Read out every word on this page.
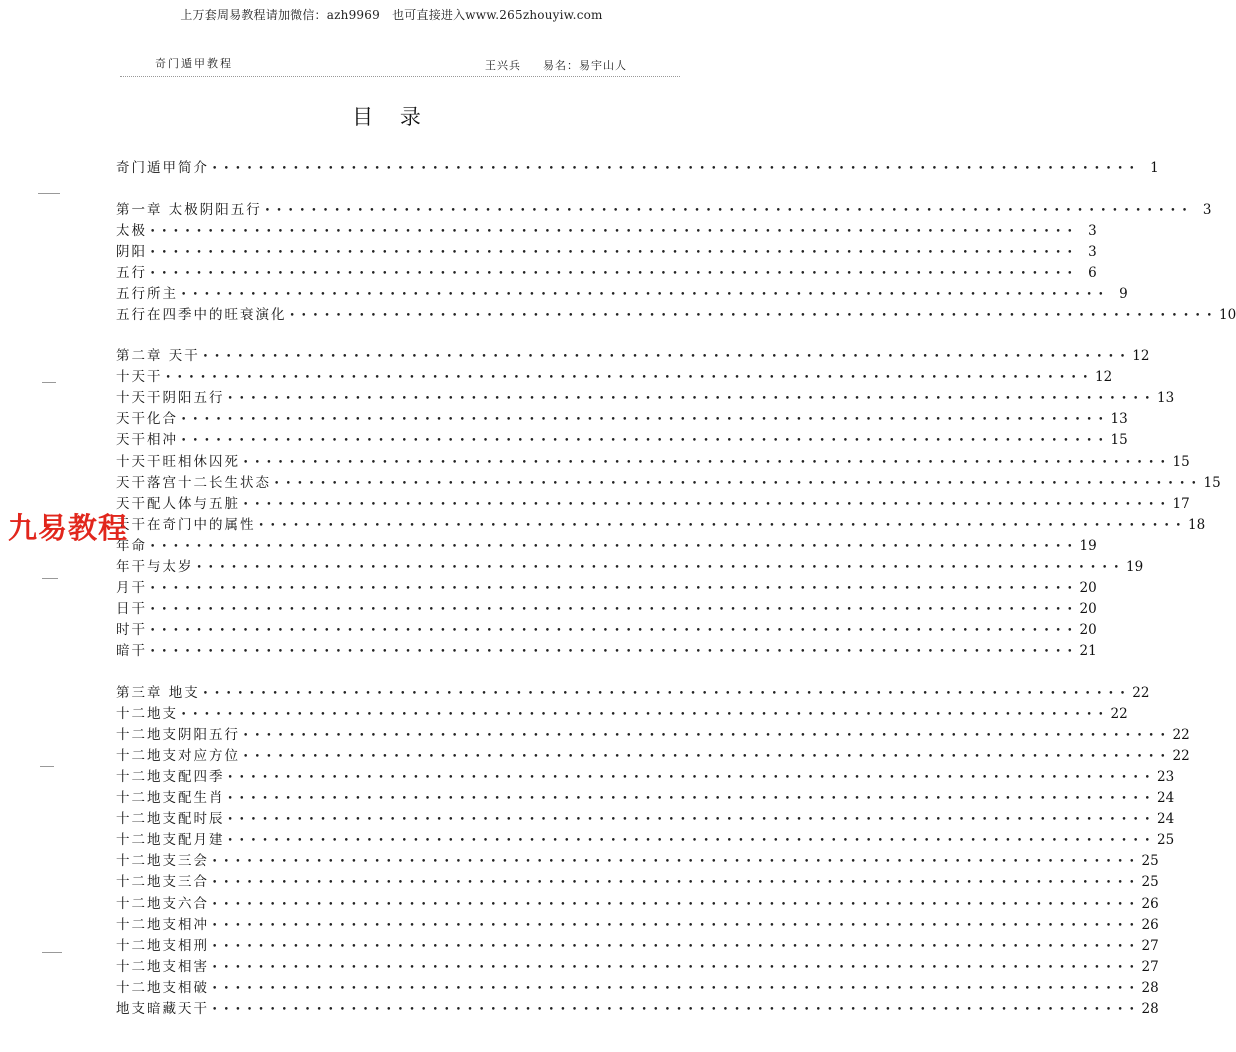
上万套周易教程请加微信：azh9969　也可直接进入www.265zhouyiw.com
奇门遁甲教程	王兴兵 易名：易宇山人
目 录
奇门遁甲简介 •••••••••••••••••••••••••••••••••••••••••••••••••••••••••••••••••••••••••••••••• 1
第一章 太极阴阳五行 •••••••••••••••••••••••••••••••••••••••••••••••••••••••••••••••••••••••••••••••• 3
太极 •••••••••••••••••••••••••••••••••••••••••••••••••••••••••••••••••••••••••••••••• 3
阴阳 •••••••••••••••••••••••••••••••••••••••••••••••••••••••••••••••••••••••••••••••• 3
五行 •••••••••••••••••••••••••••••••••••••••••••••••••••••••••••••••••••••••••••••••• 6
五行所主 •••••••••••••••••••••••••••••••••••••••••••••••••••••••••••••••••••••••••••••••• 9
五行在四季中的旺衰演化 •••••••••••••••••••••••••••••••••••••••••••••••••••••••••••••••••••••••••••••••• 10
第二章 天干 •••••••••••••••••••••••••••••••••••••••••••••••••••••••••••••••••••••••••••••••• 12
十天干 •••••••••••••••••••••••••••••••••••••••••••••••••••••••••••••••••••••••••••••••• 12
十天干阴阳五行 •••••••••••••••••••••••••••••••••••••••••••••••••••••••••••••••••••••••••••••••• 13
天干化合 •••••••••••••••••••••••••••••••••••••••••••••••••••••••••••••••••••••••••••••••• 13
天干相冲 •••••••••••••••••••••••••••••••••••••••••••••••••••••••••••••••••••••••••••••••• 15
十天干旺相休囚死 •••••••••••••••••••••••••••••••••••••••••••••••••••••••••••••••••••••••••••••••• 15
天干落宫十二长生状态 •••••••••••••••••••••••••••••••••••••••••••••••••••••••••••••••••••••••••••••••• 15
天干配人体与五脏 •••••••••••••••••••••••••••••••••••••••••••••••••••••••••••••••••••••••••••••••• 17
天干在奇门中的属性 •••••••••••••••••••••••••••••••••••••••••••••••••••••••••••••••••••••••••••••••• 18
年命 •••••••••••••••••••••••••••••••••••••••••••••••••••••••••••••••••••••••••••••••• 19
年干与太岁 •••••••••••••••••••••••••••••••••••••••••••••••••••••••••••••••••••••••••••••••• 19
月干 •••••••••••••••••••••••••••••••••••••••••••••••••••••••••••••••••••••••••••••••• 20
日干 •••••••••••••••••••••••••••••••••••••••••••••••••••••••••••••••••••••••••••••••• 20
时干 •••••••••••••••••••••••••••••••••••••••••••••••••••••••••••••••••••••••••••••••• 20
暗干 •••••••••••••••••••••••••••••••••••••••••••••••••••••••••••••••••••••••••••••••• 21
第三章 地支 •••••••••••••••••••••••••••••••••••••••••••••••••••••••••••••••••••••••••••••••• 22
十二地支 •••••••••••••••••••••••••••••••••••••••••••••••••••••••••••••••••••••••••••••••• 22
十二地支阴阳五行 •••••••••••••••••••••••••••••••••••••••••••••••••••••••••••••••••••••••••••••••• 22
十二地支对应方位 •••••••••••••••••••••••••••••••••••••••••••••••••••••••••••••••••••••••••••••••• 22
十二地支配四季 •••••••••••••••••••••••••••••••••••••••••••••••••••••••••••••••••••••••••••••••• 23
十二地支配生肖 •••••••••••••••••••••••••••••••••••••••••••••••••••••••••••••••••••••••••••••••• 24
十二地支配时辰 •••••••••••••••••••••••••••••••••••••••••••••••••••••••••••••••••••••••••••••••• 24
十二地支配月建 •••••••••••••••••••••••••••••••••••••••••••••••••••••••••••••••••••••••••••••••• 25
十二地支三会 •••••••••••••••••••••••••••••••••••••••••••••••••••••••••••••••••••••••••••••••• 25
十二地支三合 •••••••••••••••••••••••••••••••••••••••••••••••••••••••••••••••••••••••••••••••• 25
十二地支六合 •••••••••••••••••••••••••••••••••••••••••••••••••••••••••••••••••••••••••••••••• 26
十二地支相冲 •••••••••••••••••••••••••••••••••••••••••••••••••••••••••••••••••••••••••••••••• 26
十二地支相刑 •••••••••••••••••••••••••••••••••••••••••••••••••••••••••••••••••••••••••••••••• 27
十二地支相害 •••••••••••••••••••••••••••••••••••••••••••••••••••••••••••••••••••••••••••••••• 27
十二地支相破 •••••••••••••••••••••••••••••••••••••••••••••••••••••••••••••••••••••••••••••••• 28
地支暗藏天干 •••••••••••••••••••••••••••••••••••••••••••••••••••••••••••••••••••••••••••••••• 28
九易教程
